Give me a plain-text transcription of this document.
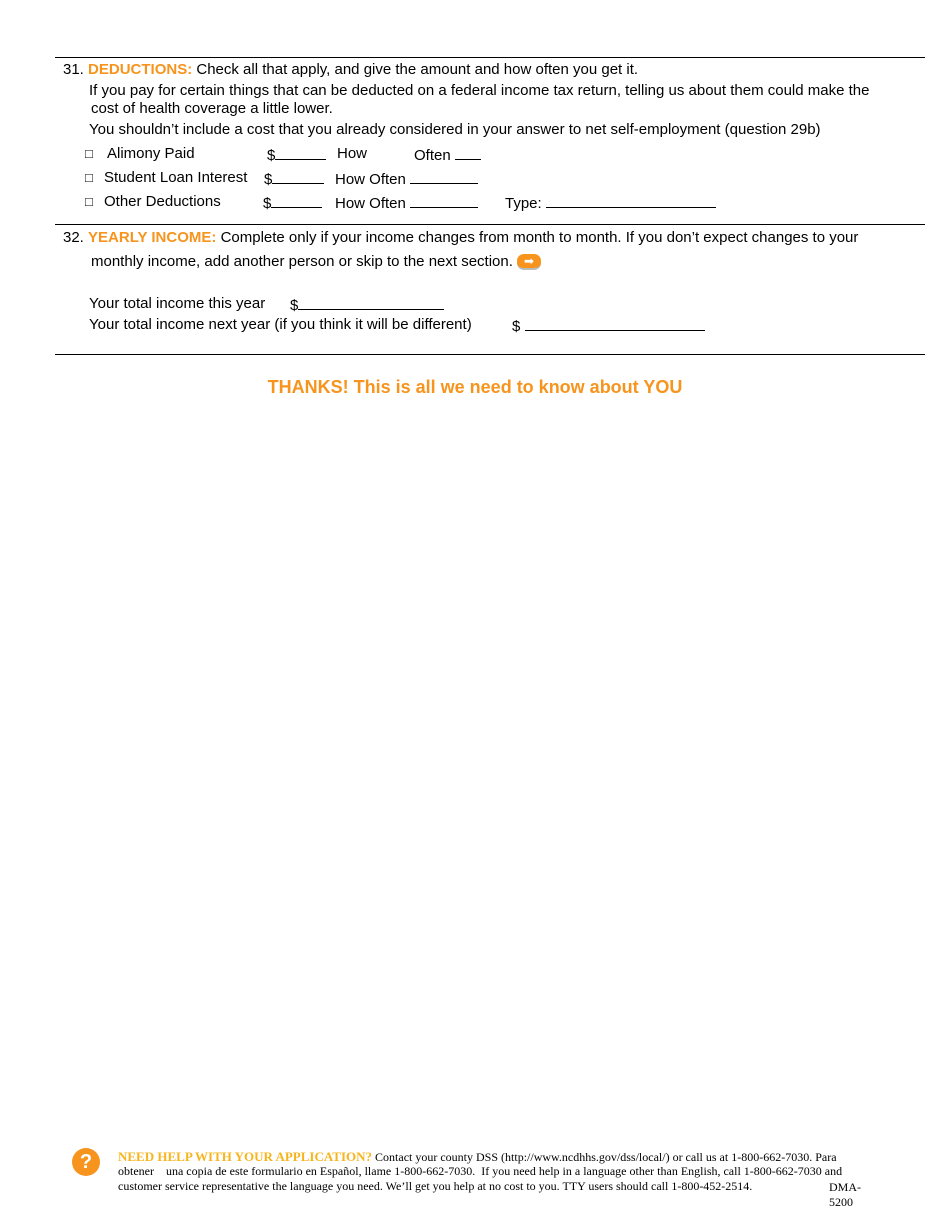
31. DEDUCTIONS: Check all that apply, and give the amount and how often you get it.
If you pay for certain things that can be deducted on a federal income tax return, telling us about them could make the
cost of health coverage a little lower.
You shouldn’t include a cost that you already considered in your answer to net self-employment (question 29b)
□ Alimony Paid	$	How	Often
□ Student Loan Interest $	How Often
□ Other Deductions	$	How Often	Type:
32. YEARLY INCOME: Complete only if your income changes from month to month. If you don’t expect changes to your
monthly income, add another person or skip to the next section. ➡
Your total income this year $
Your total income next year (if you think it will be different)	$
THANKS! This is all we need to know about YOU
?	NEED HELP WITH YOUR APPLICATION? Contact your county DSS (http://www.ncdhhs.gov/dss/local/) or call us at 1-800-662-7030. Para
obtener    una copia de este formulario en Español, llame 1-800-662-7030.  If you need help in a language other than English, call 1-800-662-7030 and
customer service representative the language you need. We’ll get you help at no cost to you. TTY users should call 1-800-452-2514.	DMA-
5200
